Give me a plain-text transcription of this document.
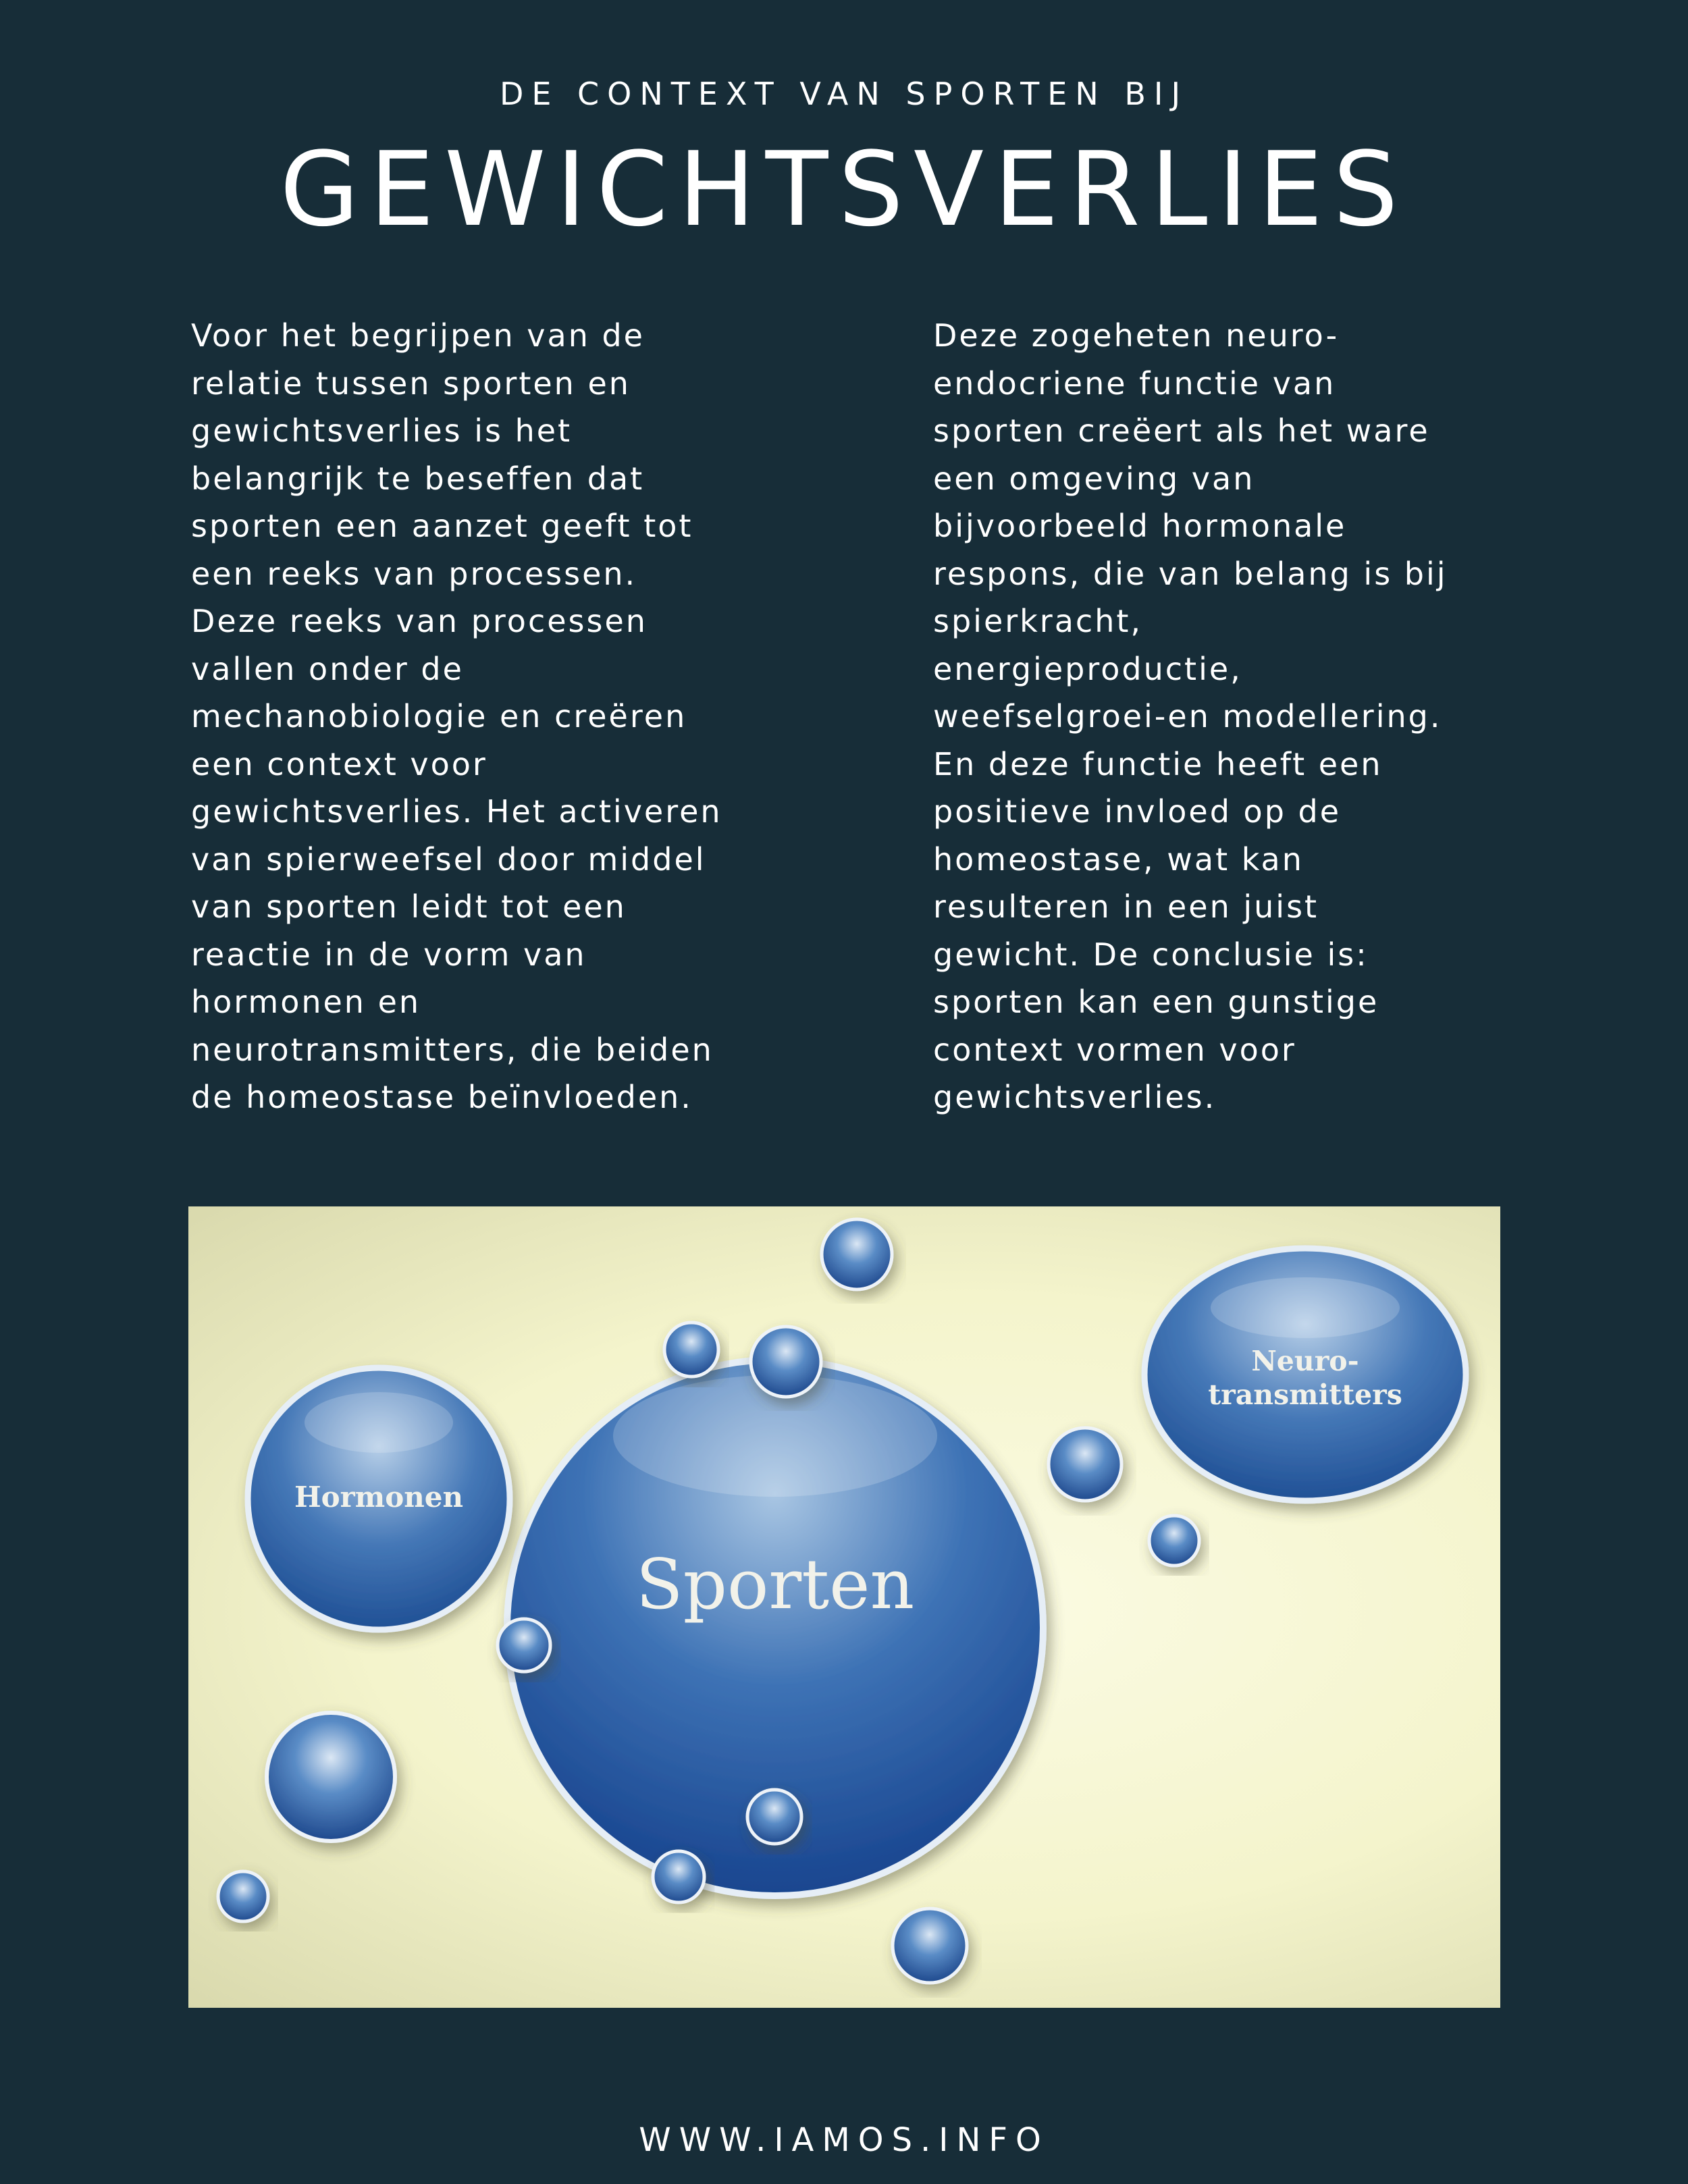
DE CONTEXT VAN SPORTEN BIJ
GEWICHTSVERLIES

Voor het begrijpen van de
relatie tussen sporten en
gewichtsverlies is het
belangrijk te beseffen dat
sporten een aanzet geeft tot
een reeks van processen.
Deze reeks van processen
vallen onder de
mechanobiologie en creëren
een context voor
gewichtsverlies. Het activeren
van spierweefsel door middel
van sporten leidt tot een
reactie in de vorm van
hormonen en
neurotransmitters, die beiden
de homeostase beïnvloeden.

Deze zogeheten neuro-
endocriene functie van
sporten creëert als het ware
een omgeving van
bijvoorbeeld hormonale
respons, die van belang is bij
spierkracht,
energieproductie,
weefselgroei-en modellering.
En deze functie heeft een
positieve invloed op de
homeostase, wat kan
resulteren in een juist
gewicht. De conclusie is:
sporten kan een gunstige
context vormen voor
gewichtsverlies.

Sporten
Hormonen
Neuro-
transmitters
WWW.IAMOS.INFO
